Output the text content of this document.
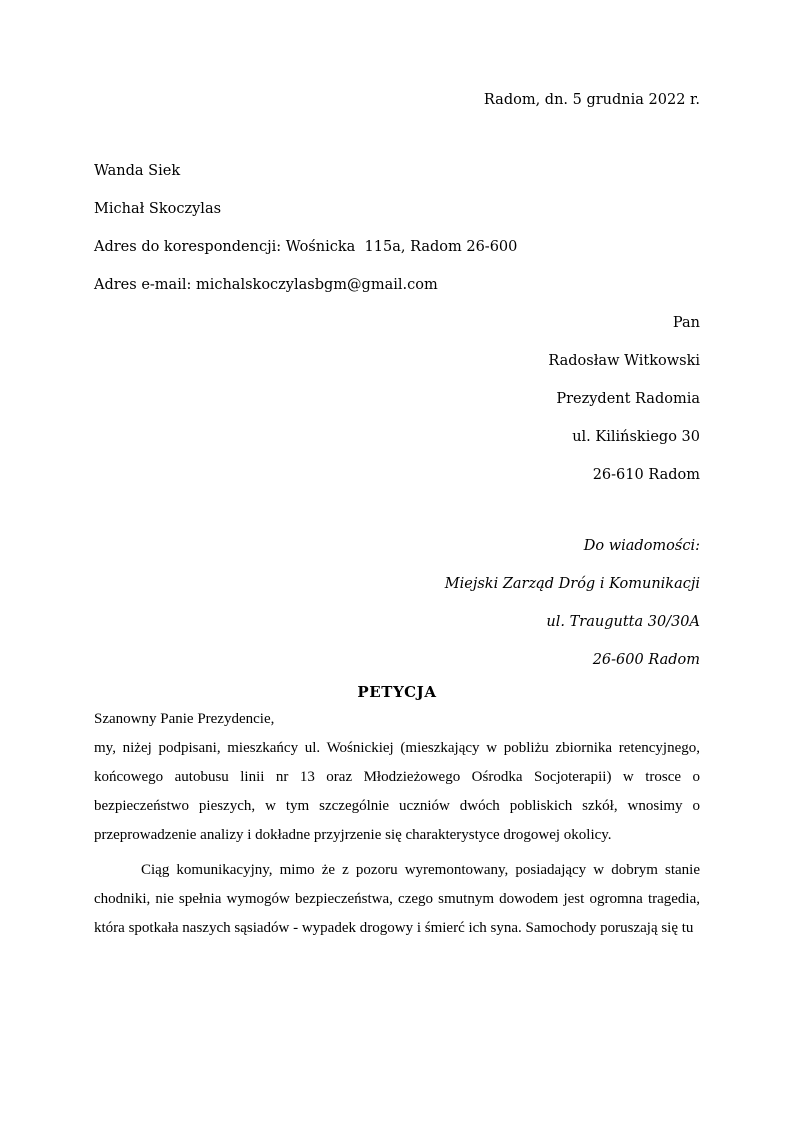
Radom, dn. 5 grudnia 2022 r.

Wanda Siek

Michał Skoczylas

Adres do korespondencji: Wośnicka  115a, Radom 26-600

Adres e-mail: michalskoczylasbgm@gmail.com

Pan

Radosław Witkowski

Prezydent Radomia

ul. Kilińskiego 30

26-610 Radom

Do wiadomości:

Miejski Zarząd Dróg i Komunikacji

ul. Traugutta 30/30A

26-600 Radom

PETYCJA

Szanowny Panie Prezydencie,

my, niżej podpisani, mieszkańcy ul. Wośnickiej (mieszkający w pobliżu zbiornika retencyjnego, końcowego autobusu linii nr 13 oraz Młodzieżowego Ośrodka Socjoterapii) w trosce o bezpieczeństwo pieszych, w tym szczególnie uczniów dwóch pobliskich szkół, wnosimy o przeprowadzenie analizy i dokładne przyjrzenie się charakterystyce drogowej okolicy.

Ciąg komunikacyjny, mimo że z pozoru wyremontowany, posiadający w dobrym stanie chodniki, nie spełnia wymogów bezpieczeństwa, czego smutnym dowodem jest ogromna tragedia, która spotkała naszych sąsiadów - wypadek drogowy i śmierć ich syna. Samochody poruszają się tu
